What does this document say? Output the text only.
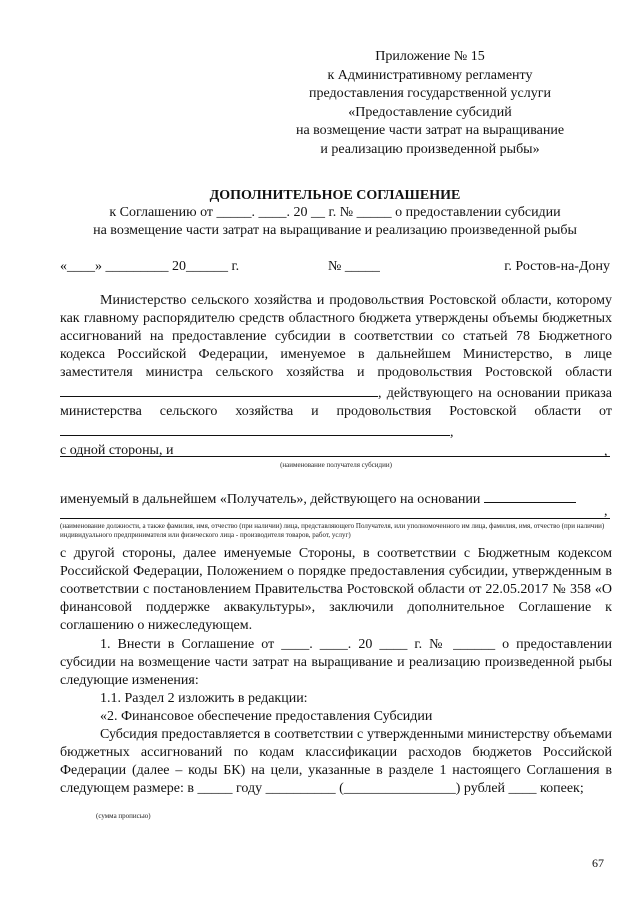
Приложение № 15
к Административному регламенту
предоставления государственной услуги
«Предоставление субсидий
на возмещение части затрат на выращивание
и реализацию произведенной рыбы»
ДОПОЛНИТЕЛЬНОЕ СОГЛАШЕНИЕ
к Соглашению от _____. ____. 20 __ г. № _____ о предоставлении субсидии
на возмещение части затрат на выращивание и реализацию произведенной рыбы
«____» _________ 20______ г.	№ _____	г. Ростов-на-Дону
Министерство сельского хозяйства и продовольствия Ростовской области, которому как главному распорядителю средств областного бюджета утверждены объемы бюджетных ассигнований на предоставление субсидии в соответствии со статьей 78 Бюджетного кодекса Российской Федерации, именуемое в дальнейшем Министерство, в лице заместителя министра сельского хозяйства и продовольствия Ростовской области , действующего на основании приказа министерства сельского хозяйства и продовольствия Ростовской области от ,
с одной стороны, и	,
(наименование получателя субсидии)
именуемый в дальнейшем «Получатель», действующего на основании
,
(наименование должности, а также фамилия, имя, отчество (при наличии) лица, представляющего Получателя, или уполномоченного им лица, фамилия, имя, отчество (при наличии) индивидуального предпринимателя или физического лица - производителя товаров, работ, услуг)
с другой стороны, далее именуемые Стороны, в соответствии с Бюджетным кодексом Российской Федерации, Положением о порядке предоставления субсидии, утвержденным в соответствии с постановлением Правительства Ростовской области от 22.05.2017 № 358 «О финансовой поддержке аквакультуры», заключили дополнительное Соглашение к соглашению о нижеследующем.
1. Внести в Соглашение от ____. ____. 20 ____ г. № ______ о предоставлении субсидии на возмещение части затрат на выращивание и реализацию произведенной рыбы следующие изменения:
1.1. Раздел 2 изложить в редакции:
«2. Финансовое обеспечение предоставления Субсидии
Субсидия предоставляется в соответствии с утвержденными министерству объемами бюджетных ассигнований по кодам классификации расходов бюджетов Российской Федерации (далее – коды БК) на цели, указанные в разделе 1 настоящего Соглашения в следующем размере: в _____ году __________ (________________) рублей ____ копеек;
(сумма прописью)
67
